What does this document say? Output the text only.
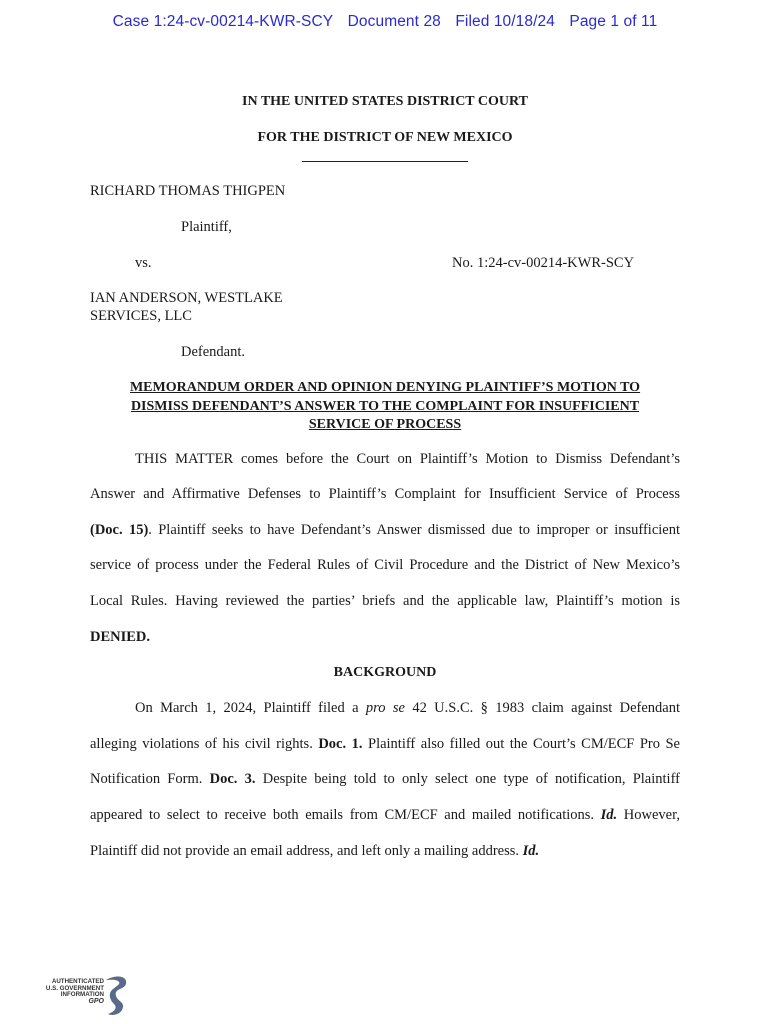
Case 1:24-cv-00214-KWR-SCY Document 28 Filed 10/18/24 Page 1 of 11
IN THE UNITED STATES DISTRICT COURT
FOR THE DISTRICT OF NEW MEXICO
RICHARD THOMAS THIGPEN
Plaintiff,
vs.	No. 1:24-cv-00214-KWR-SCY
IAN ANDERSON, WESTLAKE
SERVICES, LLC
Defendant.
MEMORANDUM ORDER AND OPINION DENYING PLAINTIFF’S MOTION TO
DISMISS DEFENDANT’S ANSWER TO THE COMPLAINT FOR INSUFFICIENT
SERVICE OF PROCESS
THIS MATTER comes before the Court on Plaintiff’s Motion to Dismiss Defendant’s
Answer and Affirmative Defenses to Plaintiff’s Complaint for Insufficient Service of Process
(Doc. 15). Plaintiff seeks to have Defendant’s Answer dismissed due to improper or insufficient
service of process under the Federal Rules of Civil Procedure and the District of New Mexico’s
Local Rules. Having reviewed the parties’ briefs and the applicable law, Plaintiff’s motion is
DENIED.
BACKGROUND
On March 1, 2024, Plaintiff filed a pro se 42 U.S.C. § 1983 claim against Defendant
alleging violations of his civil rights. Doc. 1. Plaintiff also filled out the Court’s CM/ECF Pro Se
Notification Form. Doc. 3. Despite being told to only select one type of notification, Plaintiff
appeared to select to receive both emails from CM/ECF and mailed notifications. Id. However,
Plaintiff did not provide an email address, and left only a mailing address. Id.
AUTHENTICATED
U.S. GOVERNMENT
INFORMATION
GPO
